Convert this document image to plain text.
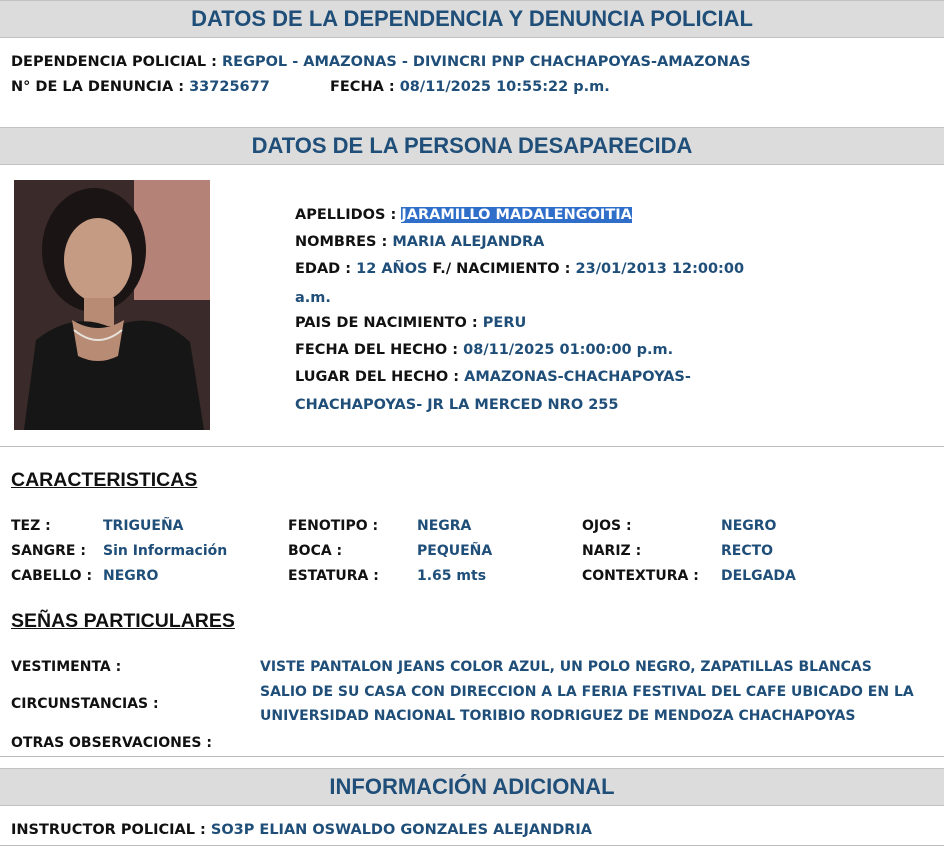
DATOS DE LA DEPENDENCIA Y DENUNCIA POLICIAL
DEPENDENCIA POLICIAL : REGPOL - AMAZONAS - DIVINCRI PNP CHACHAPOYAS-AMAZONAS
N° DE LA DENUNCIA : 33725677	FECHA : 08/11/2025 10:55:22 p.m.
DATOS DE LA PERSONA DESAPARECIDA
APELLIDOS : JARAMILLO MADALENGOITIA
NOMBRES : MARIA ALEJANDRA
EDAD : 12 AÑOS F./ NACIMIENTO : 23/01/2013 12:00:00
a.m.
PAIS DE NACIMIENTO : PERU
FECHA DEL HECHO : 08/11/2025 01:00:00 p.m.
LUGAR DEL HECHO : AMAZONAS-CHACHAPOYAS-
CHACHAPOYAS- JR LA MERCED NRO 255
CARACTERISTICAS
TEZ :	TRIGUEÑA	FENOTIPO :	NEGRA	OJOS :	NEGRO
SANGRE : Sin Información	BOCA :	PEQUEÑA	NARIZ :	RECTO
CABELLO : NEGRO	ESTATURA :	1.65 mts	CONTEXTURA : DELGADA
SEÑAS PARTICULARES
VESTIMENTA :	VISTE PANTALON JEANS COLOR AZUL, UN POLO NEGRO, ZAPATILLAS BLANCAS
CIRCUNSTANCIAS :
SALIO DE SU CASA CON DIRECCION A LA FERIA FESTIVAL DEL CAFE UBICADO EN LA
UNIVERSIDAD NACIONAL TORIBIO RODRIGUEZ DE MENDOZA CHACHAPOYAS
OTRAS OBSERVACIONES :
INFORMACIÓN ADICIONAL
INSTRUCTOR POLICIAL : SO3P ELIAN OSWALDO GONZALES ALEJANDRIA
